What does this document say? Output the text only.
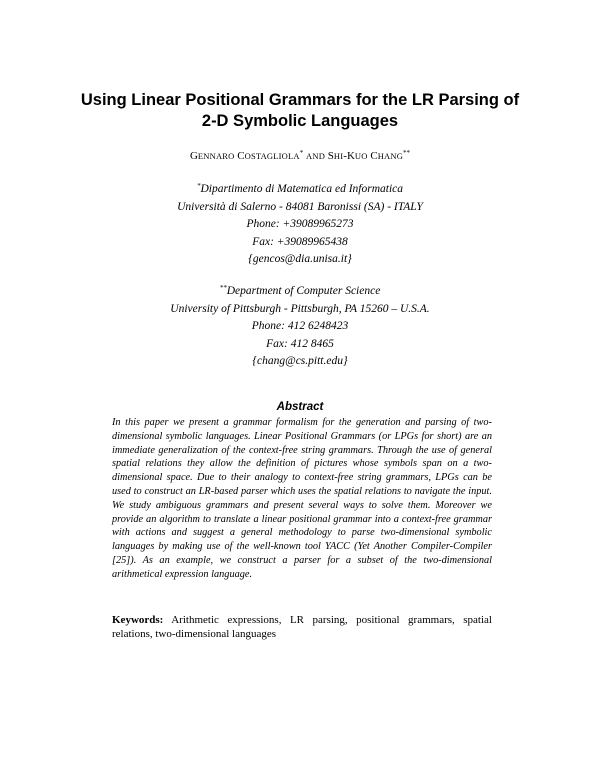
Using Linear Positional Grammars for the LR Parsing of
2-D Symbolic Languages
GENNARO COSTAGLIOLA* AND SHI-KUO CHANG**
*Dipartimento di Matematica ed Informatica
Università di Salerno - 84081 Baronissi (SA) - ITALY
Phone: +39089965273
Fax: +39089965438
{gencos@dia.unisa.it}
**Department of Computer Science
University of Pittsburgh - Pittsburgh, PA 15260 – U.S.A.
Phone: 412 6248423
Fax: 412 8465
{chang@cs.pitt.edu}
Abstract

In this paper we present a grammar formalism for the generation and parsing of two-dimensional symbolic languages. Linear Positional Grammars (or LPGs for short) are an immediate generalization of the context-free string grammars. Through the use of general spatial relations they allow the definition of pictures whose symbols span on a two-dimensional space. Due to their analogy to context-free string grammars, LPGs can be used to construct an LR-based parser which uses the spatial relations to navigate the input. We study ambiguous grammars and present several ways to solve them. Moreover we provide an algorithm to translate a linear positional grammar into a context-free grammar with actions and suggest a general methodology to parse two-dimensional symbolic languages by making use of the well-known tool YACC (Yet Another Compiler-Compiler [25]). As an example, we construct a parser for a subset of the two-dimensional arithmetical expression language.

Keywords: Arithmetic expressions, LR parsing, positional grammars, spatial relations, two-dimensional languages
